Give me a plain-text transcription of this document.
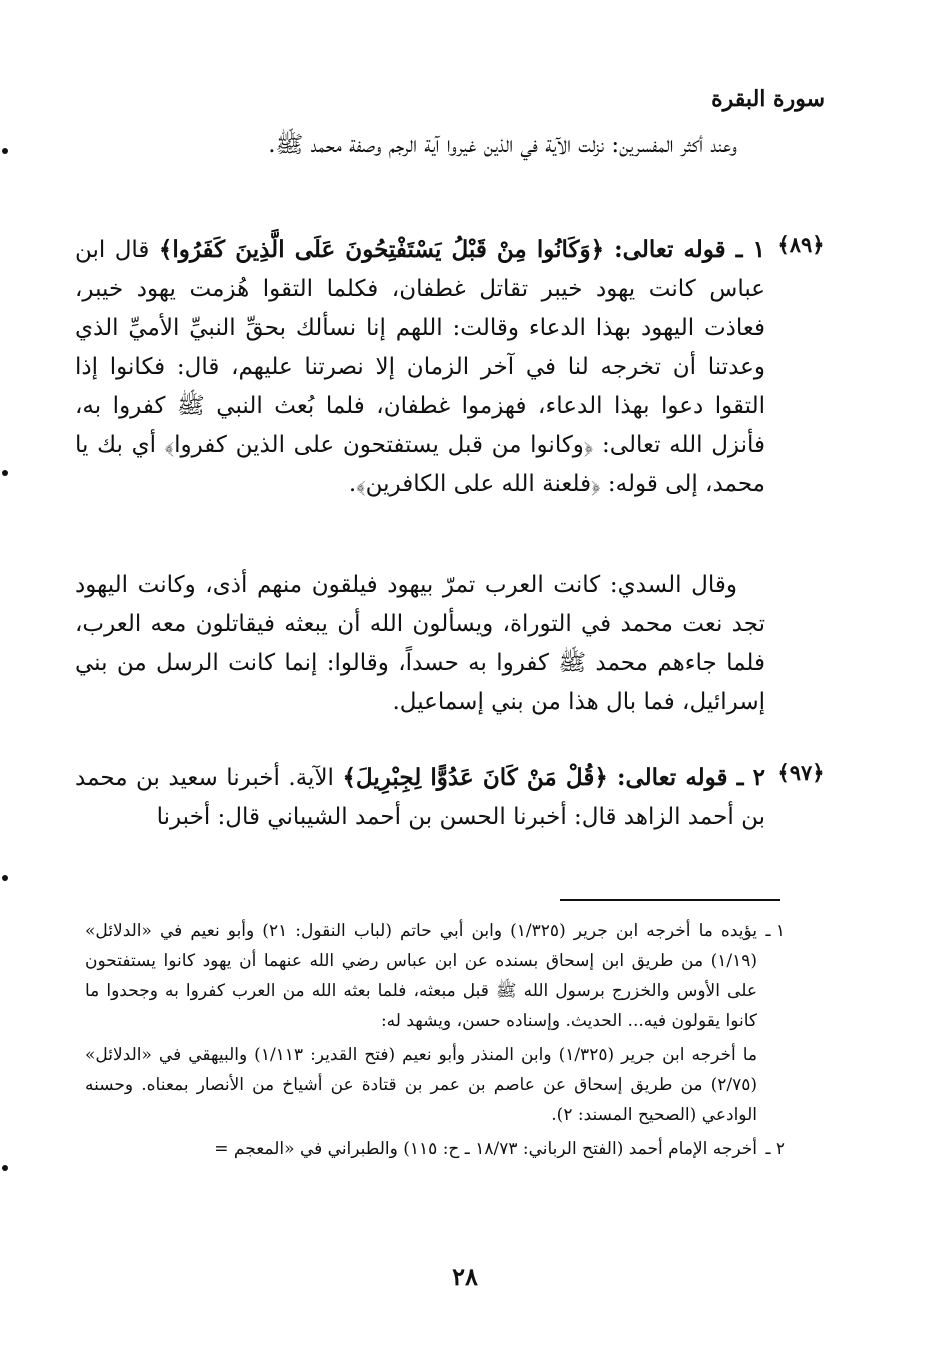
سورة البقرة
وعند أكثر المفسرين: نزلت الآية في الذين غيروا آية الرجم وصفة محمد ﷺ.
﴿٨٩﴾
١ ـ قوله تعالى: ﴿وَكَانُوا مِنْ قَبْلُ يَسْتَفْتِحُونَ عَلَى الَّذِينَ كَفَرُوا﴾ قال ابن عباس كانت يهود خيبر تقاتل غطفان، فكلما التقوا هُزمت يهود خيبر، فعاذت اليهود بهذا الدعاء وقالت: اللهم إنا نسألك بحقِّ النبيِّ الأميِّ الذي وعدتنا أن تخرجه لنا في آخر الزمان إلا نصرتنا عليهم، قال: فكانوا إذا التقوا دعوا بهذا الدعاء، فهزموا غطفان، فلما بُعث النبي ﷺ كفروا به، فأنزل الله تعالى: ﴿وكانوا من قبل يستفتحون على الذين كفروا﴾ أي بك يا محمد، إلى قوله: ﴿فلعنة الله على الكافرين﴾.
وقال السدي: كانت العرب تمرّ بيهود فيلقون منهم أذى، وكانت اليهود تجد نعت محمد في التوراة، ويسألون الله أن يبعثه فيقاتلون معه العرب، فلما جاءهم محمد ﷺ كفروا به حسداً، وقالوا: إنما كانت الرسل من بني إسرائيل، فما بال هذا من بني إسماعيل.
﴿٩٧﴾
٢ ـ قوله تعالى: ﴿قُلْ مَنْ كَانَ عَدُوًّا لِجِبْرِيلَ﴾ الآية. أخبرنا سعيد بن محمد بن أحمد الزاهد قال: أخبرنا الحسن بن أحمد الشيباني قال: أخبرنا
١ ـ
يؤيده ما أخرجه ابن جرير (١/٣٢٥) وابن أبي حاتم (لباب النقول: ٢١) وأبو نعيم في «الدلائل» (١/١٩) من طريق ابن إسحاق بسنده عن ابن عباس رضي الله عنهما أن يهود كانوا يستفتحون على الأوس والخزرج برسول الله ﷺ قبل مبعثه، فلما بعثه الله من العرب كفروا به وجحدوا ما كانوا يقولون فيه... الحديث. وإسناده حسن، ويشهد له:
ما أخرجه ابن جرير (١/٣٢٥) وابن المنذر وأبو نعيم (فتح القدير: ١/١١٣) والبيهقي في «الدلائل» (٢/٧٥) من طريق إسحاق عن عاصم بن عمر بن قتادة عن أشياخ من الأنصار بمعناه. وحسنه الوادعي (الصحيح المسند: ٢).
٢ ـ
أخرجه الإمام أحمد (الفتح الرباني: ١٨/٧٣ ـ ح: ١١٥) والطبراني في «المعجم =
٢٨
